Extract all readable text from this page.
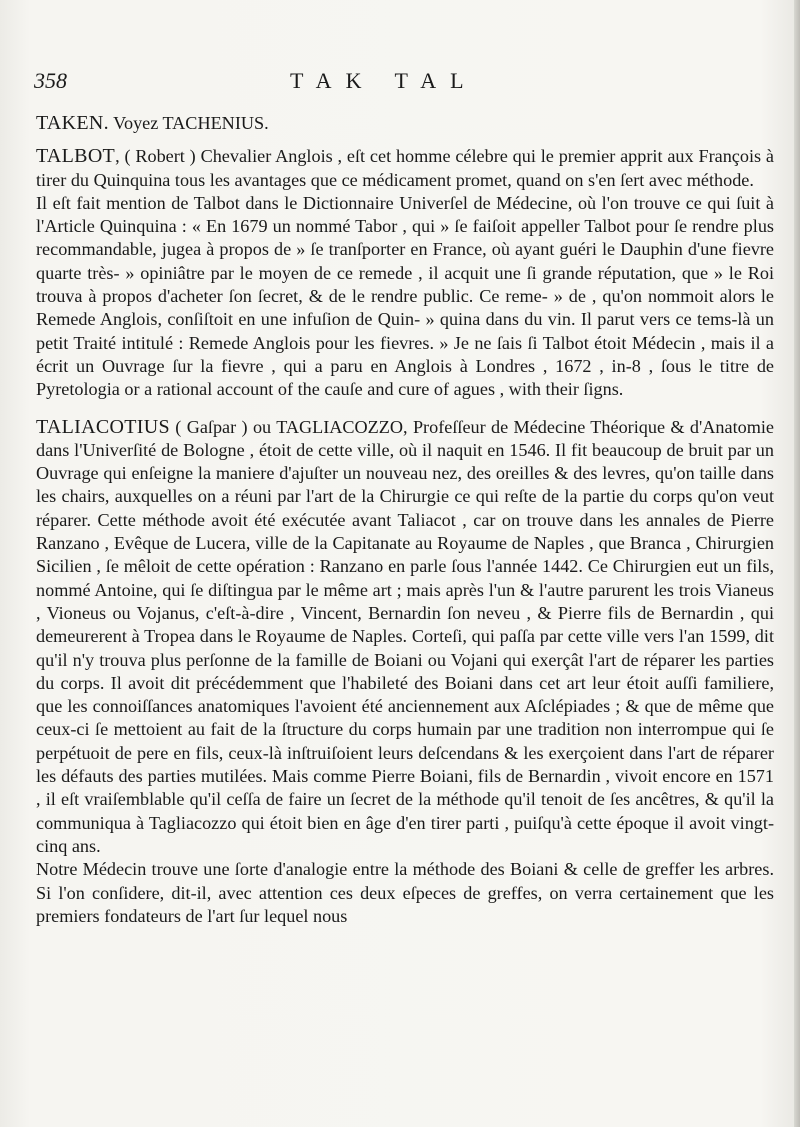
358	TAK TAL

TAKEN. Voyez TACHENIUS.

TALBOT, ( Robert ) Chevalier Anglois , eſt cet homme célebre qui le premier apprit aux François à tirer du Quinquina tous les avantages que ce médicament promet, quand on s'en ſert avec méthode.

Il eſt fait mention de Talbot dans le Dictionnaire Univerſel de Médecine, où l'on trouve ce qui ſuit à l'Article Quinquina : « En 1679 un nommé Tabor , qui » ſe faiſoit appeller Talbot pour ſe rendre plus recommandable, jugea à propos de » ſe tranſporter en France, où ayant guéri le Dauphin d'une fievre quarte très- » opiniâtre par le moyen de ce remede , il acquit une ſi grande réputation, que » le Roi trouva à propos d'acheter ſon ſecret, & de le rendre public. Ce reme- » de , qu'on nommoit alors le Remede Anglois, conſiſtoit en une infuſion de Quin- » quina dans du vin. Il parut vers ce tems-là un petit Traité intitulé : Remede Anglois pour les fievres. » Je ne ſais ſi Talbot étoit Médecin , mais il a écrit un Ouvrage ſur la fievre , qui a paru en Anglois à Londres , 1672 , in-8 , ſous le titre de Pyretologia or a rational account of the cauſe and cure of agues , with their ſigns.

TALIACOTIUS ( Gaſpar ) ou TAGLIACOZZO, Profeſſeur de Médecine Théorique & d'Anatomie dans l'Univerſité de Bologne , étoit de cette ville, où il naquit en 1546. Il fit beaucoup de bruit par un Ouvrage qui enſeigne la maniere d'ajuſter un nouveau nez, des oreilles & des levres, qu'on taille dans les chairs, auxquelles on a réuni par l'art de la Chirurgie ce qui reſte de la partie du corps qu'on veut réparer. Cette méthode avoit été exécutée avant Taliacot , car on trouve dans les annales de Pierre Ranzano , Evêque de Lucera, ville de la Capitanate au Royaume de Naples , que Branca , Chirurgien Sicilien , ſe mêloit de cette opération : Ranzano en parle ſous l'année 1442. Ce Chirurgien eut un fils, nommé Antoine, qui ſe diſtingua par le même art ; mais après l'un & l'autre parurent les trois Vianeus , Vioneus ou Vojanus, c'eſt-à-dire , Vincent, Bernardin ſon neveu , & Pierre fils de Bernardin , qui demeurerent à Tropea dans le Royaume de Naples. Corteſi, qui paſſa par cette ville vers l'an 1599, dit qu'il n'y trouva plus perſonne de la famille de Boiani ou Vojani qui exerçât l'art de réparer les parties du corps. Il avoit dit précédemment que l'habileté des Boiani dans cet art leur étoit auſſi familiere, que les connoiſſances anatomiques l'avoient été anciennement aux Aſclépiades ; & que de même que ceux-ci ſe mettoient au fait de la ſtructure du corps humain par une tradition non interrompue qui ſe perpétuoit de pere en fils, ceux-là inſtruiſoient leurs deſcendans & les exerçoient dans l'art de réparer les défauts des parties mutilées. Mais comme Pierre Boiani, fils de Bernardin , vivoit encore en 1571 , il eſt vraiſemblable qu'il ceſſa de faire un ſecret de la méthode qu'il tenoit de ſes ancêtres, & qu'il la communiqua à Tagliacozzo qui étoit bien en âge d'en tirer parti , puiſqu'à cette époque il avoit vingt-cinq ans.

Notre Médecin trouve une ſorte d'analogie entre la méthode des Boiani & celle de greffer les arbres. Si l'on conſidere, dit-il, avec attention ces deux eſpeces de greffes, on verra certainement que les premiers fondateurs de l'art ſur lequel nous
